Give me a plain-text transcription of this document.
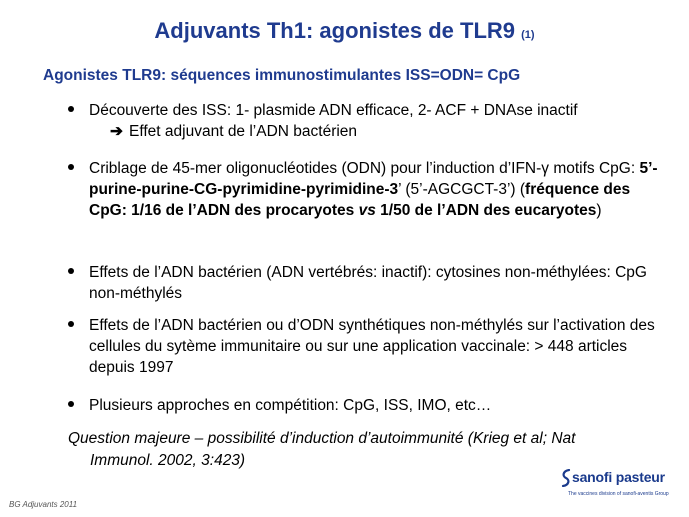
Adjuvants Th1: agonistes de TLR9 (1)

Agonistes TLR9: séquences immunostimulantes ISS=ODN= CpG

Découverte des ISS: 1- plasmide ADN efficace, 2- ACF + DNAse inactif
➔ Effet adjuvant de l’ADN bactérien
Criblage de 45-mer oligonucléotides (ODN) pour l’induction d’IFN-γ motifs CpG: 5’-purine-purine-CG-pyrimidine-pyrimidine-3’ (5’-AGCGCT-3’) (fréquence des CpG: 1/16 de l’ADN des procaryotes vs 1/50 de l’ADN des eucaryotes)
Effets de l’ADN bactérien (ADN vertébrés: inactif): cytosines non-méthylées: CpG non-méthylés
Effets de l’ADN bactérien ou d’ODN synthétiques non-méthylés sur l’activation des cellules du sytème immunitaire ou sur une application vaccinale: > 448 articles depuis 1997
Plusieurs approches en compétition: CpG, ISS, IMO, etc…

Question majeure – possibilité d’induction d’autoimmunité (Krieg et al; Nat
Immunol. 2002, 3:423)

BG Adjuvants 2011
sanofi pasteur
The vaccines division of sanofi-aventis Group
